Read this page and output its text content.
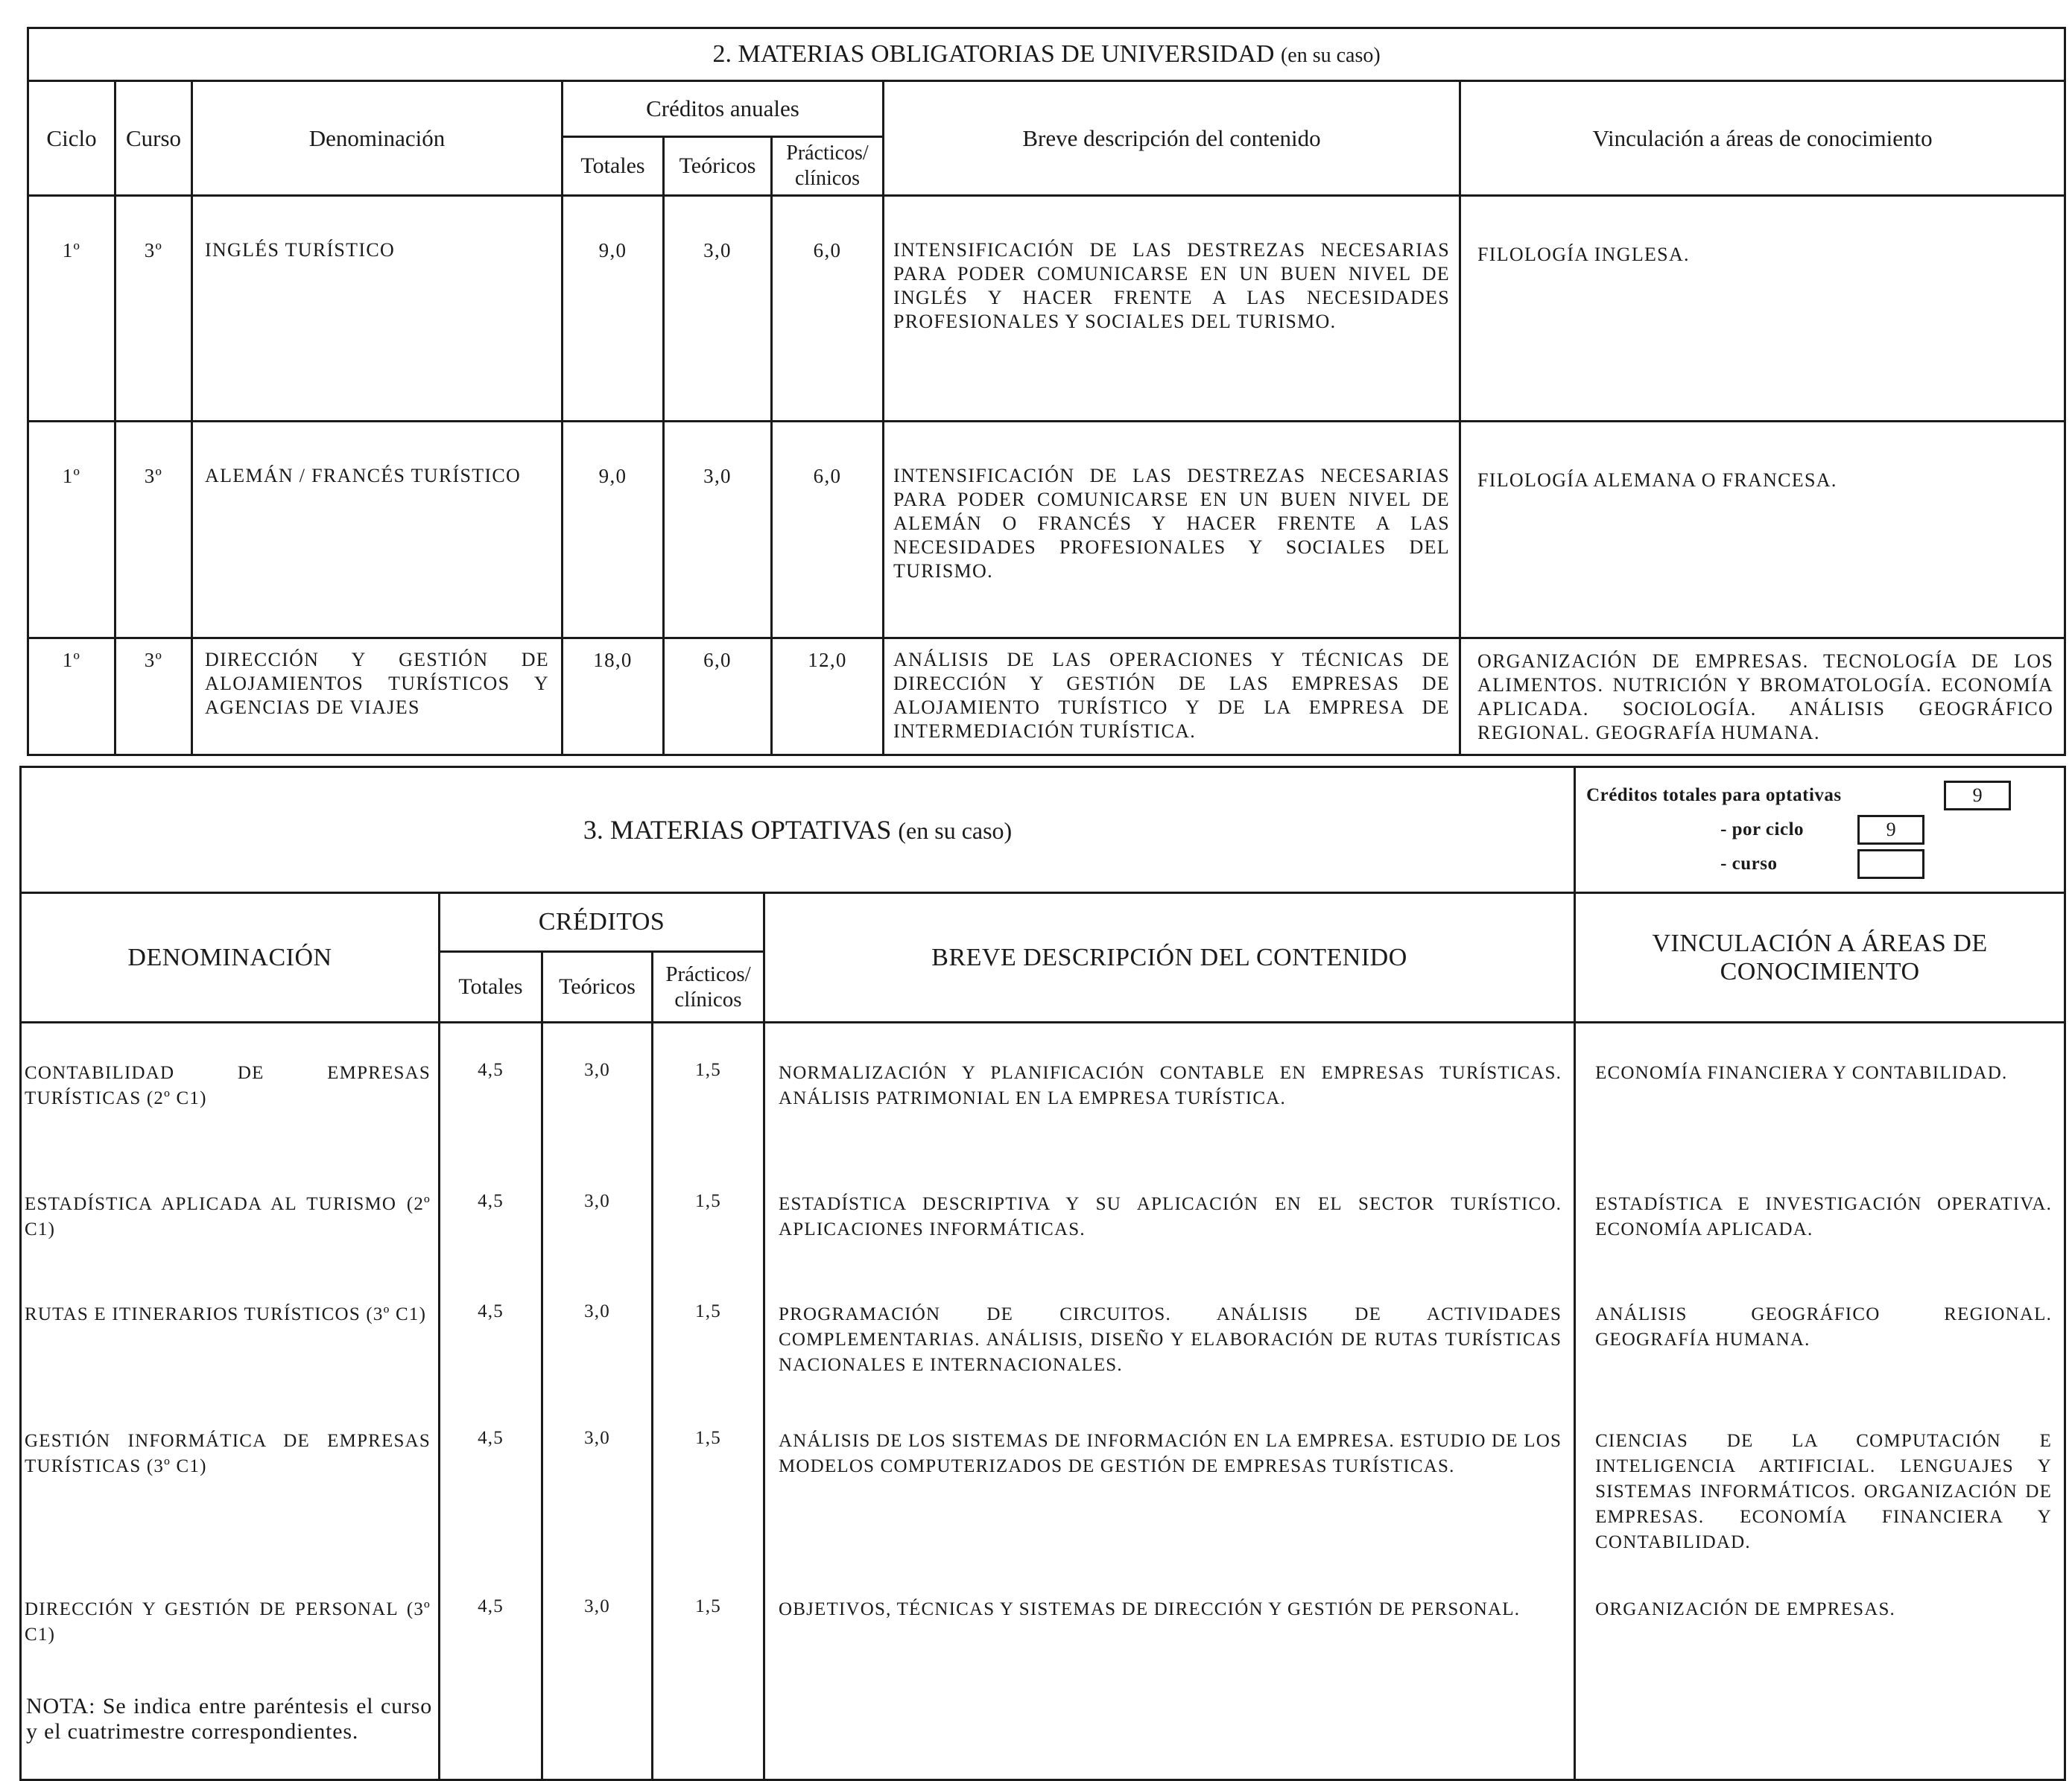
2. MATERIAS OBLIGATORIAS DE UNIVERSIDAD (en su caso)							
Ciclo	Curso	Denominación	Créditos anuales			Breve descripción del contenido	Vinculación a áreas de conocimiento
			Totales	Teóricos	Prácticos/ clínicos		
1º	3º	INGLÉS TURÍSTICO	9,0	3,0	6,0	INTENSIFICACIÓN DE LAS DESTREZAS NECESARIAS PARA PODER COMUNICARSE EN UN BUEN NIVEL DE INGLÉS Y HACER FRENTE A LAS NECESIDADES PROFESIONALES Y SOCIALES DEL TURISMO.	FILOLOGÍA INGLESA.
1º	3º	ALEMÁN / FRANCÉS TURÍSTICO	9,0	3,0	6,0	INTENSIFICACIÓN DE LAS DESTREZAS NECESARIAS PARA PODER COMUNICARSE EN UN BUEN NIVEL DE ALEMÁN O FRANCÉS Y HACER FRENTE A LAS NECESIDADES PROFESIONALES Y SOCIALES DEL TURISMO.	FILOLOGÍA ALEMANA O FRANCESA.
1º	3º	DIRECCIÓN Y GESTIÓN DE ALOJAMIENTOS TURÍSTICOS Y AGENCIAS DE VIAJES	18,0	6,0	12,0	ANÁLISIS DE LAS OPERACIONES Y TÉCNICAS DE DIRECCIÓN Y GESTIÓN DE LAS EMPRESAS DE ALOJAMIENTO TURÍSTICO Y DE LA EMPRESA DE INTERMEDIACIÓN TURÍSTICA.	ORGANIZACIÓN DE EMPRESAS. TECNOLOGÍA DE LOS ALIMENTOS. NUTRICIÓN Y BROMATOLOGÍA. ECONOMÍA APLICADA. SOCIOLOGÍA. ANÁLISIS GEOGRÁFICO REGIONAL. GEOGRAFÍA HUMANA.
3. MATERIAS OPTATIVAS (en su caso)					Créditos totales para optativas 9
- por ciclo 9
- curso

DENOMINACIÓN	CRÉDITOS			BREVE DESCRIPCIÓN DEL CONTENIDO	VINCULACIÓN A ÁREAS DE CONOCIMIENTO
	Totales	Teóricos	Prácticos/ clínicos		
CONTABILIDAD DE EMPRESAS TURÍSTICAS (2º C1)	4,5	3,0	1,5	NORMALIZACIÓN Y PLANIFICACIÓN CONTABLE EN EMPRESAS TURÍSTICAS. ANÁLISIS PATRIMONIAL EN LA EMPRESA TURÍSTICA.	ECONOMÍA FINANCIERA Y CONTABILIDAD.
ESTADÍSTICA APLICADA AL TURISMO (2º C1)	4,5	3,0	1,5	ESTADÍSTICA DESCRIPTIVA Y SU APLICACIÓN EN EL SECTOR TURÍSTICO. APLICACIONES INFORMÁTICAS.	ESTADÍSTICA E INVESTIGACIÓN OPERATIVA. ECONOMÍA APLICADA.
RUTAS E ITINERARIOS TURÍSTICOS (3º C1)	4,5	3,0	1,5	PROGRAMACIÓN DE CIRCUITOS. ANÁLISIS DE ACTIVIDADES COMPLEMENTARIAS. ANÁLISIS, DISEÑO Y ELABORACIÓN DE RUTAS TURÍSTICAS NACIONALES E INTERNACIONALES.	ANÁLISIS GEOGRÁFICO REGIONAL. GEOGRAFÍA HUMANA.
GESTIÓN INFORMÁTICA DE EMPRESAS TURÍSTICAS (3º C1)	4,5	3,0	1,5	ANÁLISIS DE LOS SISTEMAS DE INFORMACIÓN EN LA EMPRESA. ESTUDIO DE LOS MODELOS COMPUTERIZADOS DE GESTIÓN DE EMPRESAS TURÍSTICAS.	CIENCIAS DE LA COMPUTACIÓN E INTELIGENCIA ARTIFICIAL. LENGUAJES Y SISTEMAS INFORMÁTICOS. ORGANIZACIÓN DE EMPRESAS. ECONOMÍA FINANCIERA Y CONTABILIDAD.
DIRECCIÓN Y GESTIÓN DE PERSONAL (3º C1)	4,5	3,0	1,5	OBJETIVOS, TÉCNICAS Y SISTEMAS DE DIRECCIÓN Y GESTIÓN DE PERSONAL.	ORGANIZACIÓN DE EMPRESAS.
NOTA: Se indica entre paréntesis el curso y el cuatrimestre correspondientes.					
